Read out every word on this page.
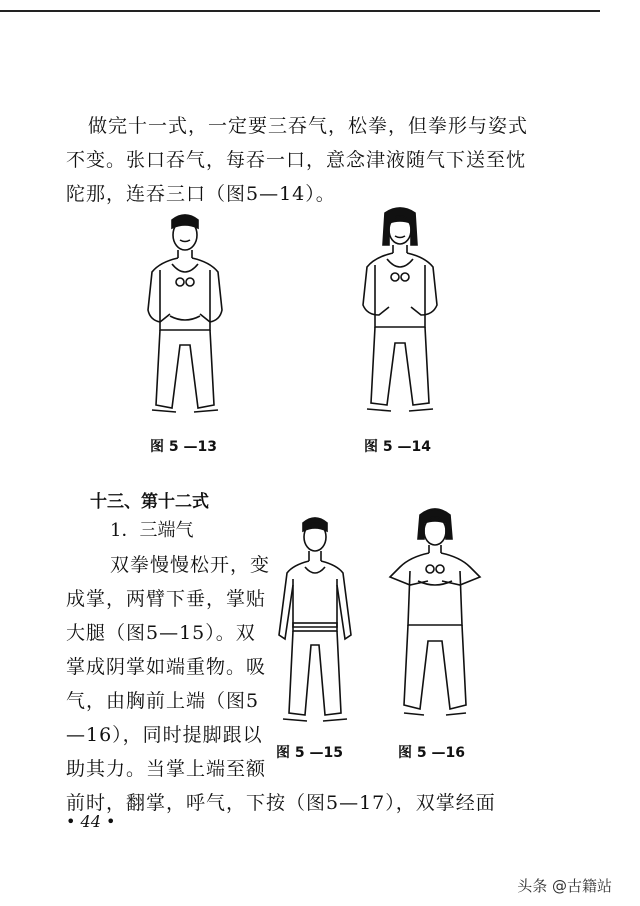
做完十一式，一定要三吞气，松拳，但拳形与姿式
不变。张口吞气，每吞一口，意念津液随气下送至忱
陀那，连吞三口（图5—14）。
图 5 —13	图 5 —14
十三、第十二式
1．三端气
双拳慢慢松开，变
成掌，两臂下垂，掌贴
大腿（图5—15）。双
掌成阴掌如端重物。吸
气，由胸前上端（图5
—16），同时提脚跟以
助其力。当掌上端至额
前时，翻掌，呼气，下按（图5—17），双掌经面
图 5 —15	图 5 —16
• 44 •
头条 @古籍站
